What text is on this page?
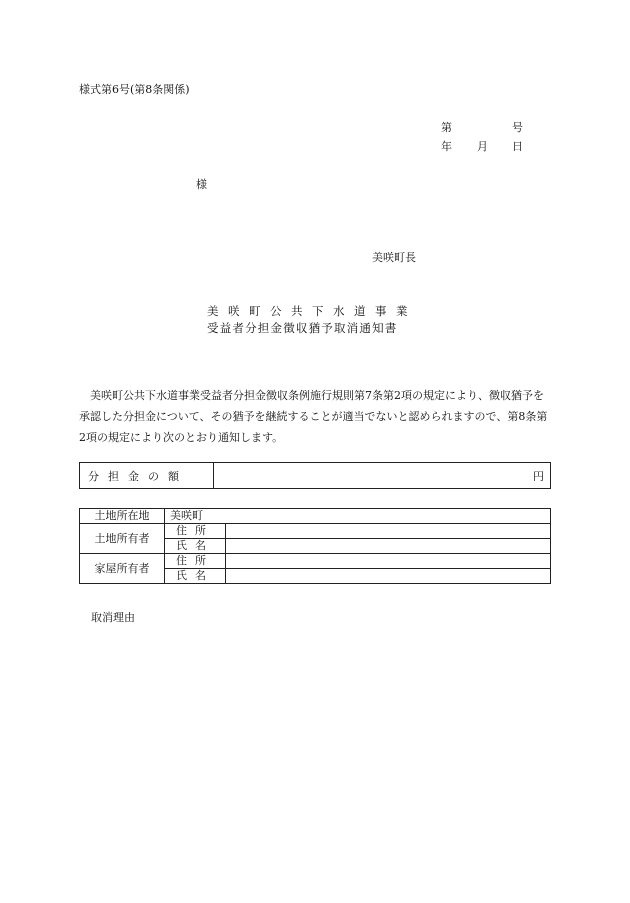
様式第6号(第8条関係)
第	号
年 月 日
様
美咲町長
美咲町公共下水道事業
受益者分担金徴収猶予取消通知書

美咲町公共下水道事業受益者分担金徴収条例施行規則第7条第2項の規定により、徴収猶予を承認した分担金について、その猶予を継続することが適当でないと認められますので、第8条第2項の規定により次のとおり通知します。

分担金の額	円
土地所在地	美咲町	
土地所有者	住所	
	氏名	
家屋所有者	住所	
	氏名	
取消理由
